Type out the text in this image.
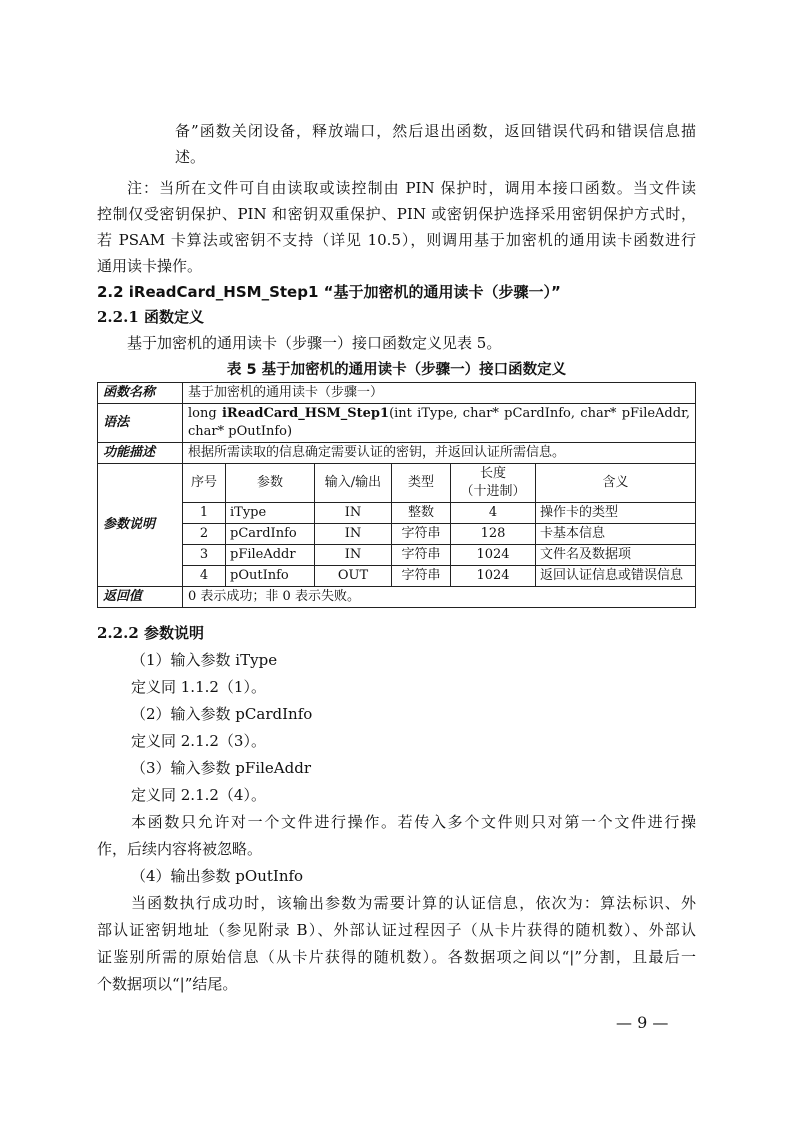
备”函数关闭设备，释放端口，然后退出函数，返回错误代码和错误信息描
述。
注：当所在文件可自由读取或读控制由 PIN 保护时，调用本接口函数。当文件读
控制仅受密钥保护、PIN 和密钥双重保护、PIN 或密钥保护选择采用密钥保护方式时，
若 PSAM 卡算法或密钥不支持（详见 10.5），则调用基于加密机的通用读卡函数进行
通用读卡操作。
2.2 iReadCard_HSM_Step1 “基于加密机的通用读卡（步骤一）”
2.2.1 函数定义
基于加密机的通用读卡（步骤一）接口函数定义见表 5。
表 5 基于加密机的通用读卡（步骤一）接口函数定义
函数名称	基于加密机的通用读卡（步骤一）
语法	long iReadCard_HSM_Step1(int iType, char* pCardInfo, char* pFileAddr, char* pOutInfo)
功能描述	根据所需读取的信息确定需要认证的密钥，并返回认证所需信息。
参数说明	
序号	参数	输入/输出	类型	长度
（十进制）	含义
1	iType	IN	整数	4	操作卡的类型
2	pCardInfo	IN	字符串	128	卡基本信息
3	pFileAddr	IN	字符串	1024	文件名及数据项
4	pOutInfo	OUT	字符串	1024	返回认证信息或错误信息

返回值	0 表示成功；非 0 表示失败。
2.2.2 参数说明
（1）输入参数 iType
定义同 1.1.2（1）。
（2）输入参数 pCardInfo
定义同 2.1.2（3）。
（3）输入参数 pFileAddr
定义同 2.1.2（4）。
本函数只允许对一个文件进行操作。若传入多个文件则只对第一个文件进行操
作，后续内容将被忽略。
（4）输出参数 pOutInfo
当函数执行成功时，该输出参数为需要计算的认证信息，依次为：算法标识、外
部认证密钥地址（参见附录 B）、外部认证过程因子（从卡片获得的随机数）、外部认
证鉴别所需的原始信息（从卡片获得的随机数）。各数据项之间以“|”分割，且最后一
个数据项以“|”结尾。
— 9 —
